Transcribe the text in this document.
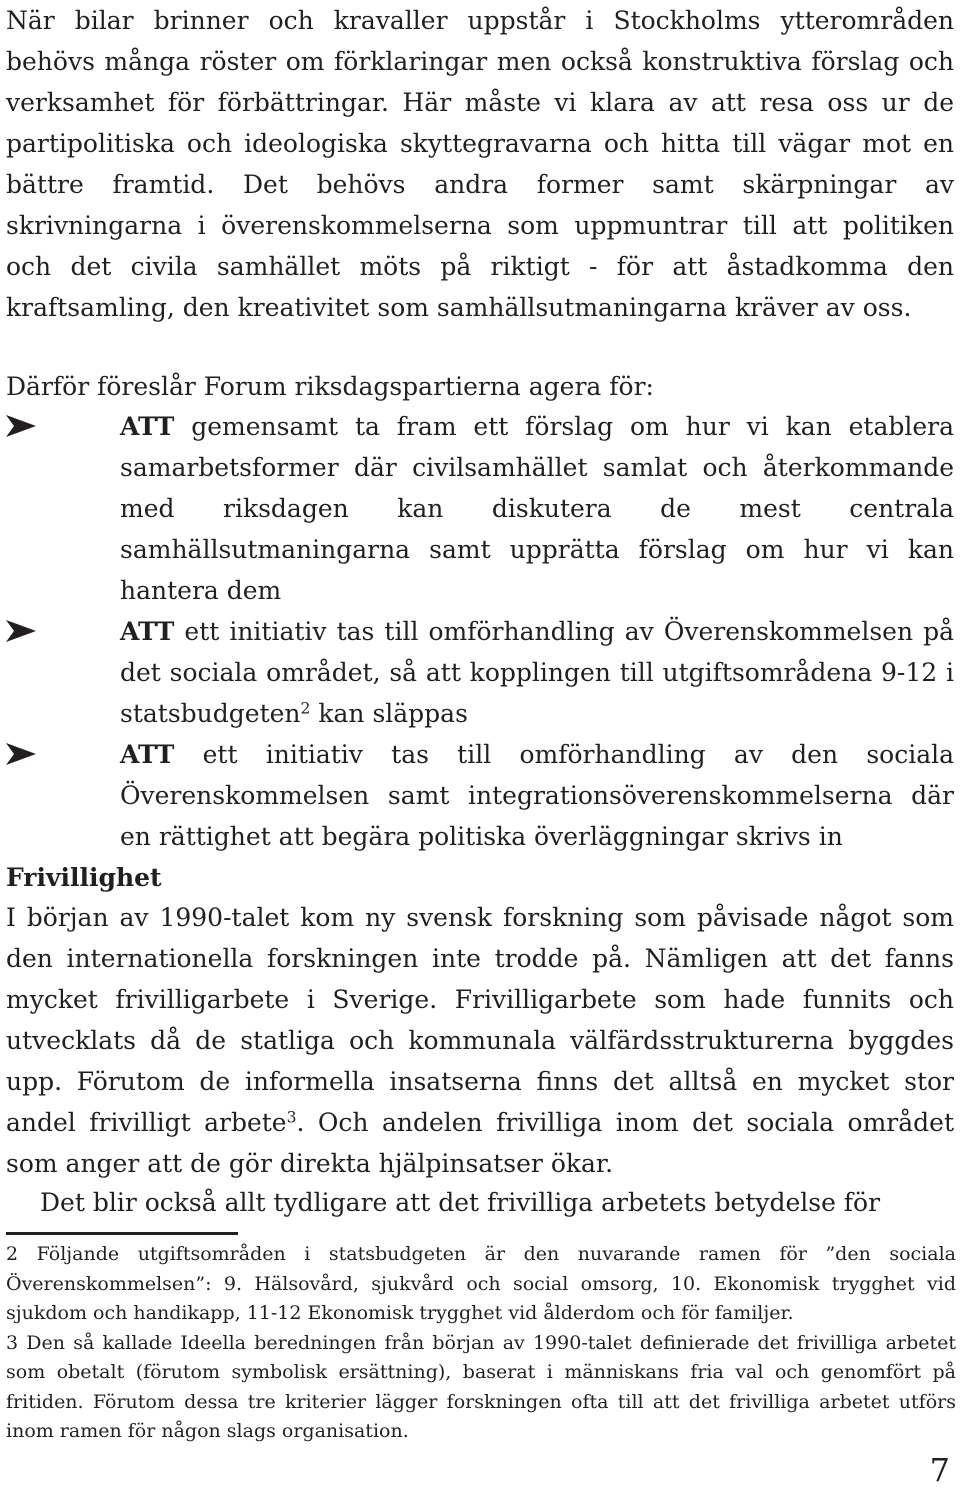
När bilar brinner och kravaller uppstår i Stockholms ytterområden behövs många röster om förklaringar men också konstruktiva förslag och verksamhet för förbättringar. Här måste vi klara av att resa oss ur de partipolitiska och ideologiska skyttegravarna och hitta till vägar mot en bättre framtid. Det behövs andra former samt skärpningar av skrivningarna i överenskommelserna som uppmuntrar till att politiken och det civila samhället möts på riktigt - för att åstadkomma den kraftsamling, den kreativitet som samhällsutmaningarna kräver av oss.
Därför föreslår Forum riksdagspartierna agera för:
ATT gemensamt ta fram ett förslag om hur vi kan etablera samarbetsformer där civilsamhället samlat och återkommande med riksdagen kan diskutera de mest centrala samhällsutmaningarna samt upprätta förslag om hur vi kan hantera dem
ATT ett initiativ tas till omförhandling av Överenskommelsen på det sociala området, så att kopplingen till utgiftsområdena 9-12 i statsbudgeten$^2$ kan släppas
ATT ett initiativ tas till omförhandling av den sociala Överenskommelsen samt integrationsöverenskommelserna där en rättighet att begära politiska överläggningar skrivs in
Frivillighet
I början av 1990-talet kom ny svensk forskning som påvisade något som den internationella forskningen inte trodde på. Nämligen att det fanns mycket frivilligarbete i Sverige. Frivilligarbete som hade funnits och utvecklats då de statliga och kommunala välfärdsstrukturerna byggdes upp. Förutom de informella insatserna finns det alltså en mycket stor andel frivilligt arbete$^3$. Och andelen frivilliga inom det sociala området som anger att de gör direkta hjälpinsatser ökar.
Det blir också allt tydligare att det frivilliga arbetets betydelse för

2 Följande utgiftsområden i statsbudgeten är den nuvarande ramen för ”den sociala Överenskommelsen”: 9. Hälsovård, sjukvård och social omsorg, 10. Ekonomisk trygghet vid sjukdom och handikapp, 11-12 Ekonomisk trygghet vid ålderdom och för familjer.

3 Den så kallade Ideella beredningen från början av 1990-talet definierade det frivilliga arbetet som obetalt (förutom symbolisk ersättning), baserat i människans fria val och genomfört på fritiden. Förutom dessa tre kriterier lägger forskningen ofta till att det frivilliga arbetet utförs inom ramen för någon slags organisation.

7
